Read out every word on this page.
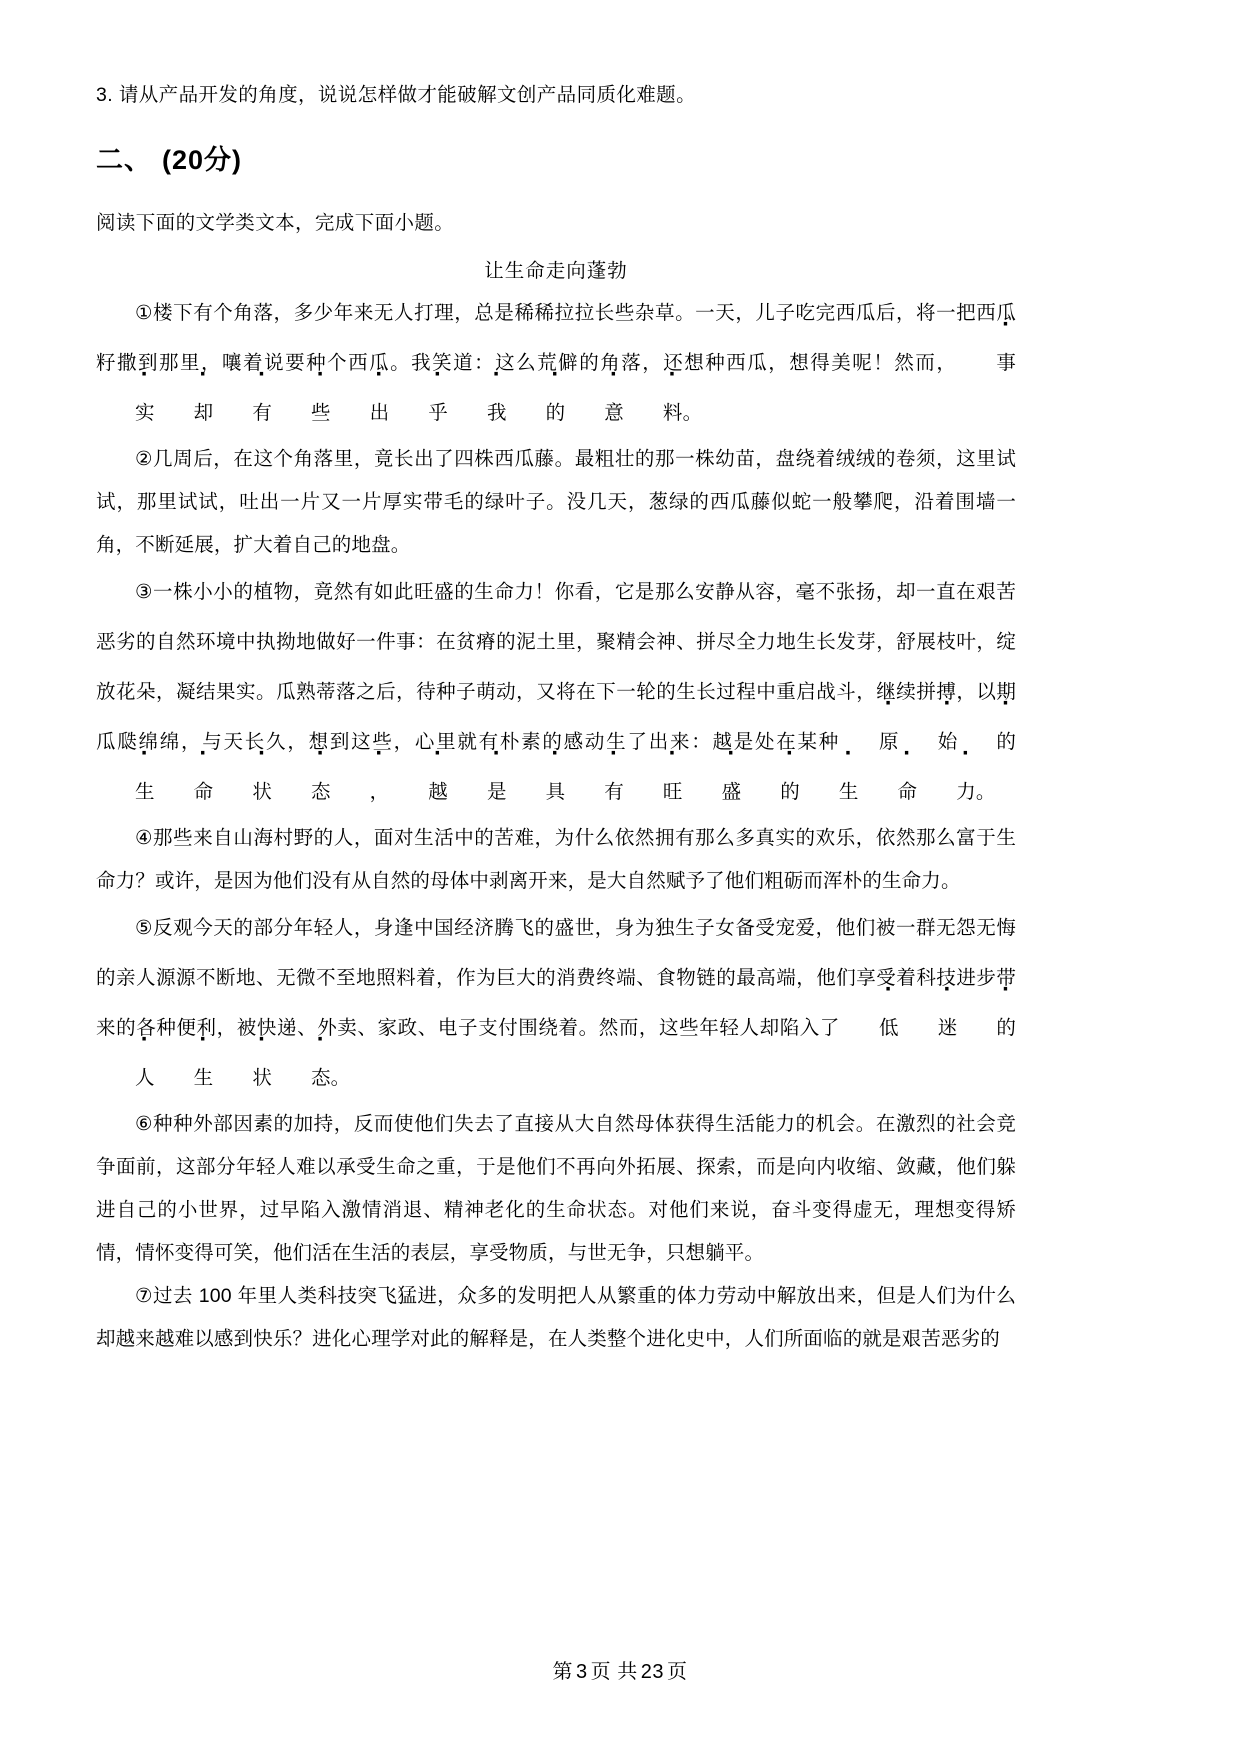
3. 请从产品开发的角度，说说怎样做才能破解文创产品同质化难题。
二、 (20分)
阅读下面的文学类文本，完成下面小题。
让生命走向蓬勃
①楼下有个角落，多少年来无人打理，总是稀稀拉拉长些杂草。一天，儿子吃完西瓜后，将一把西瓜籽撒到那里，嚷着说要种个西瓜。我笑道：这么荒僻的角落，还想种西瓜，想得美呢！然而， 事实 却 有 些 出 乎 我 的 意 料。
②几周后，在这个角落里，竟长出了四株西瓜藤。最粗壮的那一株幼苗，盘绕着绒绒的卷须，这里试试，那里试试，吐出一片又一片厚实带毛的绿叶子。没几天，葱绿的西瓜藤似蛇一般攀爬，沿着围墙一角，不断延展，扩大着自己的地盘。
③一株小小的植物，竟然有如此旺盛的生命力！你看，它是那么安静从容，毫不张扬，却一直在艰苦恶劣的自然环境中执拗地做好一件事：在贫瘠的泥土里，聚精会神、拼尽全力地生长发芽，舒展枝叶，绽放花朵，凝结果实。瓜熟蒂落之后，待种子萌动，又将在下一轮的生长过程中重启战斗，继续拼搏，以期瓜瓞绵绵，与天长久，想到这些，心里就有朴素的感动生了出来：越是处在某种 原 始 的生 命 状 态 · ， 越 是 具 有 旺 盛 的 生 命 力。
④那些来自山海村野的人，面对生活中的苦难，为什么依然拥有那么多真实的欢乐，依然那么富于生命力？或许，是因为他们没有从自然的母体中剥离开来，是大自然赋予了他们粗砺而浑朴的生命力。
⑤反观今天的部分年轻人，身逢中国经济腾飞的盛世，身为独生子女备受宠爱，他们被一群无怨无悔的亲人源源不断地、无微不至地照料着，作为巨大的消费终端、食物链的最高端，他们享受着科技进步带来的各种便利，被快递、外卖、家政、电子支付围绕着。然而，这些年轻人却陷入了 低 迷 的人 生 状 态。
⑥种种外部因素的加持，反而使他们失去了直接从大自然母体获得生活能力的机会。在激烈的社会竞争面前，这部分年轻人难以承受生命之重，于是他们不再向外拓展、探索，而是向内收缩、敛藏，他们躲进自己的小世界，过早陷入激情消退、精神老化的生命状态。对他们来说，奋斗变得虚无，理想变得矫情，情怀变得可笑，他们活在生活的表层，享受物质，与世无争，只想躺平。
⑦过去 100 年里人类科技突飞猛进，众多的发明把人从繁重的体力劳动中解放出来，但是人们为什么却越来越难以感到快乐？进化心理学对此的解释是，在人类整个进化史中，人们所面临的就是艰苦恶劣的
第 3 页 共 23 页
